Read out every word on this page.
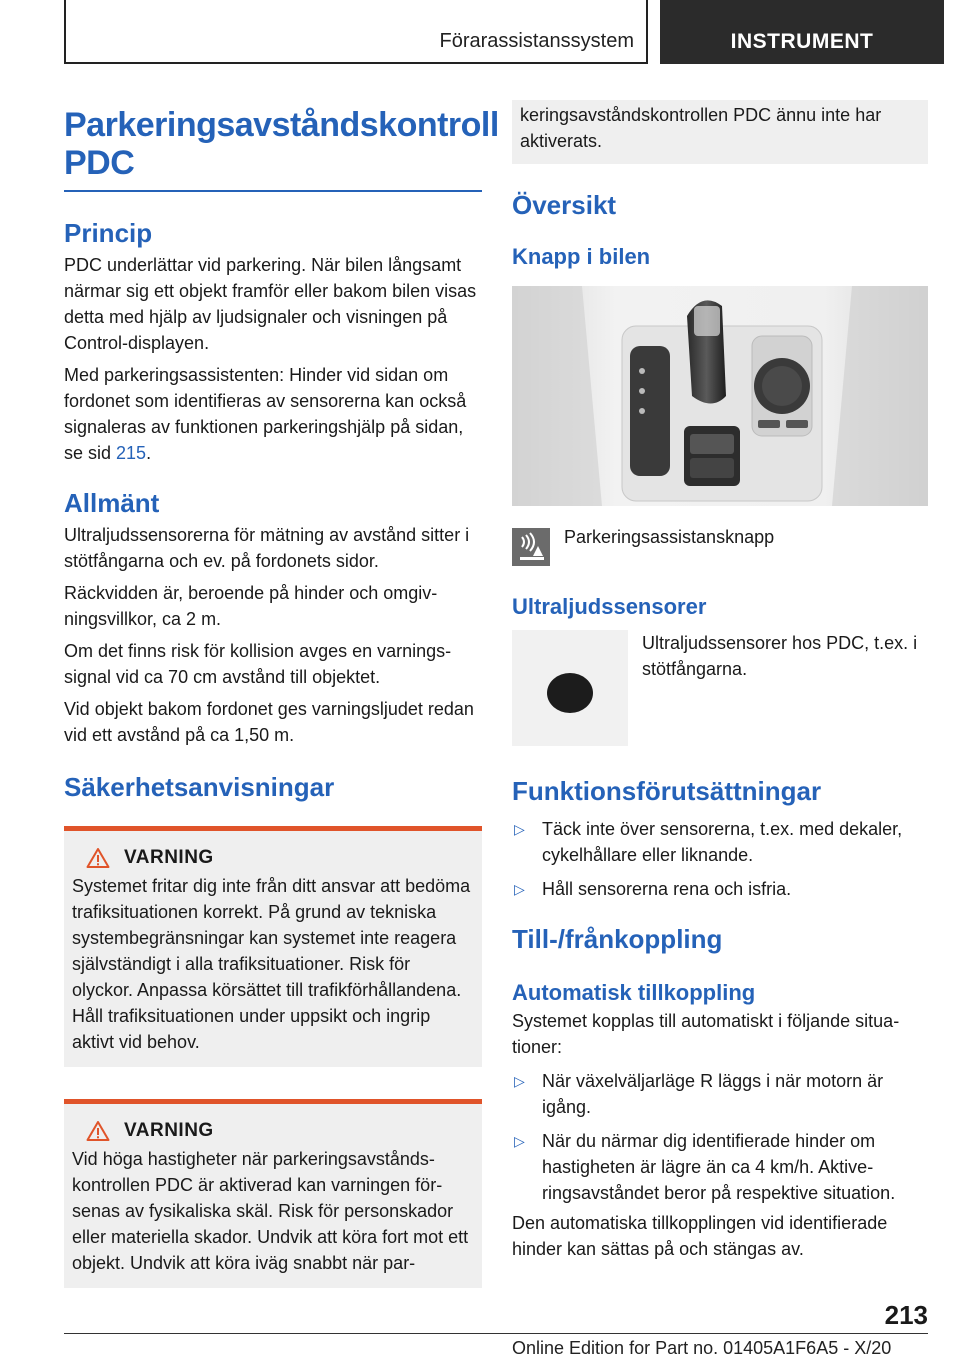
Förarassistanssystem	INSTRUMENT
Parkeringsavståndskontroll PDC
Princip

PDC underlättar vid parkering. När bilen långsamt närmar sig ett objekt framför eller bakom bilen visas detta med hjälp av ljudsignaler och visningen på Control-displayen.

Med parkeringsassistenten: Hinder vid sidan om fordonet som identifieras av sensorerna kan också signaleras av funktionen parkeringshjälp på sidan, se sid 215.

Allmänt

Ultraljudssensorerna för mätning av avstånd sitter i stötfångarna och ev. på fordonets sidor.

Räckvidden är, beroende på hinder och omgivningsvillkor, ca 2 m.

Om det finns risk för kollision avges en varningssignal vid ca 70 cm avstånd till objektet.

Vid objekt bakom fordonet ges varningsljudet redan vid ett avstånd på ca 1,50 m.

Säkerhetsanvisningar
VARNING

Systemet fritar dig inte från ditt ansvar att bedöma trafiksituationen korrekt. På grund av tekniska systembegränsningar kan systemet inte reagera självständigt i alla trafiksituationer. Risk för olyckor. Anpassa körsättet till trafikförhållandena. Håll trafiksituationen under uppsikt och ingrip aktivt vid behov.

VARNING

Vid höga hastigheter när parkeringsavståndskontrollen PDC är aktiverad kan varningen försenas av fysikaliska skäl. Risk för personskador eller materiella skador. Undvik att köra fort mot ett objekt. Undvik att köra iväg snabbt när par-

keringsavståndskontrollen PDC ännu inte har aktiverats.

Översikt
Knapp i bilen

Parkeringsassistansknapp

Ultraljudssensorer

Ultraljudssensorer hos PDC, t.ex. i stötfångarna.

Funktionsförutsättningar
▷ Täck inte över sensorerna, t.ex. med dekaler, cykelhållare eller liknande.
▷ Håll sensorerna rena och isfria.
Till-/frånkoppling
Automatisk tillkoppling

Systemet kopplas till automatiskt i följande situationer:

▷ När växelväljarläge R läggs i när motorn är igång.
▷ När du närmar dig identifierade hinder om hastigheten är lägre än ca 4 km/h. Aktiveringsavståndet beror på respektive situation.

Den automatiska tillkopplingen vid identifierade hinder kan sättas på och stängas av.

213
Online Edition for Part no. 01405A1F6A5 - X/20
